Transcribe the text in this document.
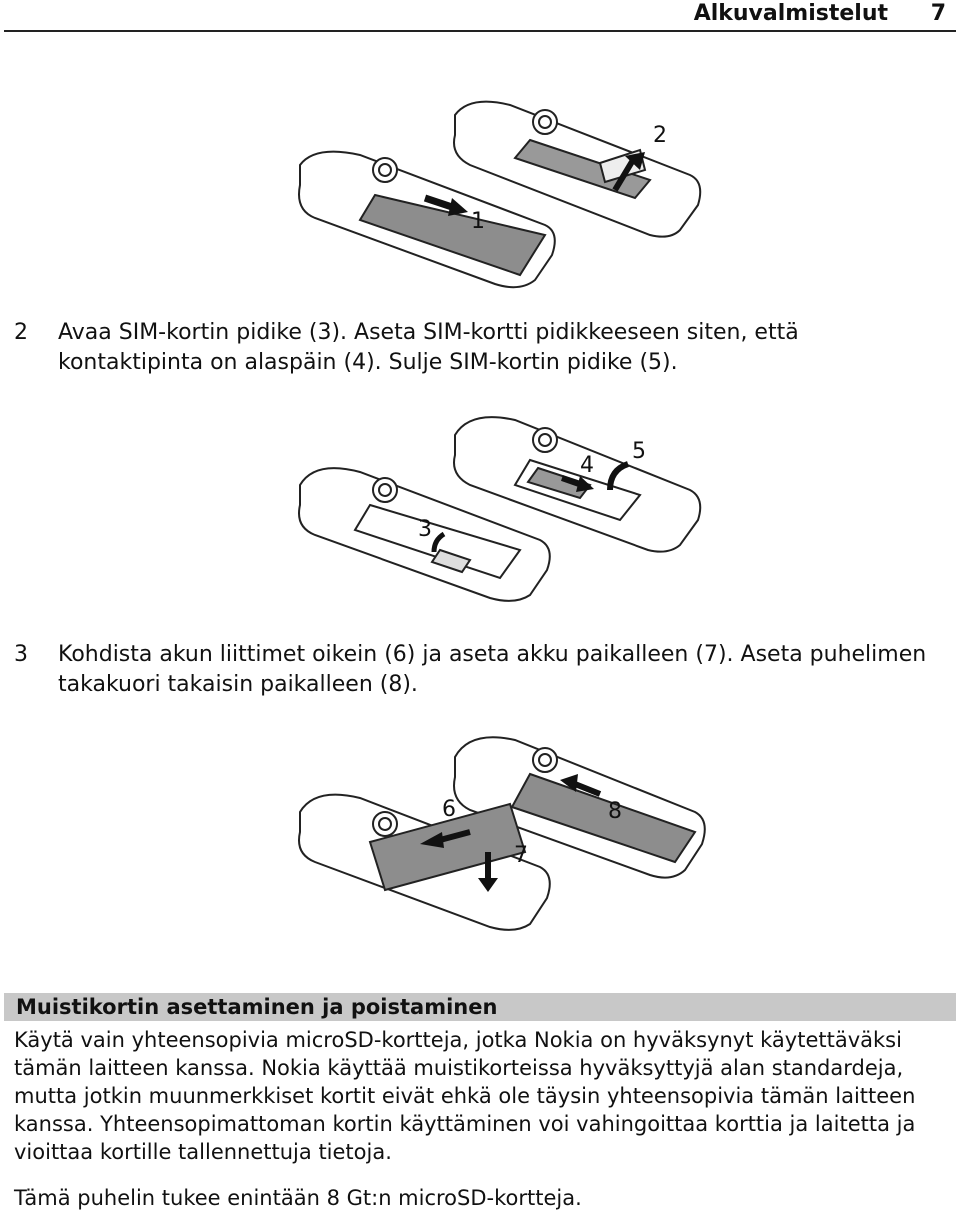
Alkuvalmistelut 7
1
2
2 Avaa SIM-kortin pidike (3). Aseta SIM-kortti pidikkeeseen siten, että kontaktipinta on alaspäin (4). Sulje SIM-kortin pidike (5).
3
4
5
3 Kohdista akun liittimet oikein (6) ja aseta akku paikalleen (7). Aseta puhelimen takakuori takaisin paikalleen (8).
6
7
8
Muistikortin asettaminen ja poistaminen
Käytä vain yhteensopivia microSD-kortteja, jotka Nokia on hyväksynyt käytettäväksi tämän laitteen kanssa. Nokia käyttää muistikorteissa hyväksyttyjä alan standardeja, mutta jotkin muunmerkkiset kortit eivät ehkä ole täysin yhteensopivia tämän laitteen kanssa. Yhteensopimattoman kortin käyttäminen voi vahingoittaa korttia ja laitetta ja vioittaa kortille tallennettuja tietoja.
Tämä puhelin tukee enintään 8 Gt:n microSD-kortteja.
